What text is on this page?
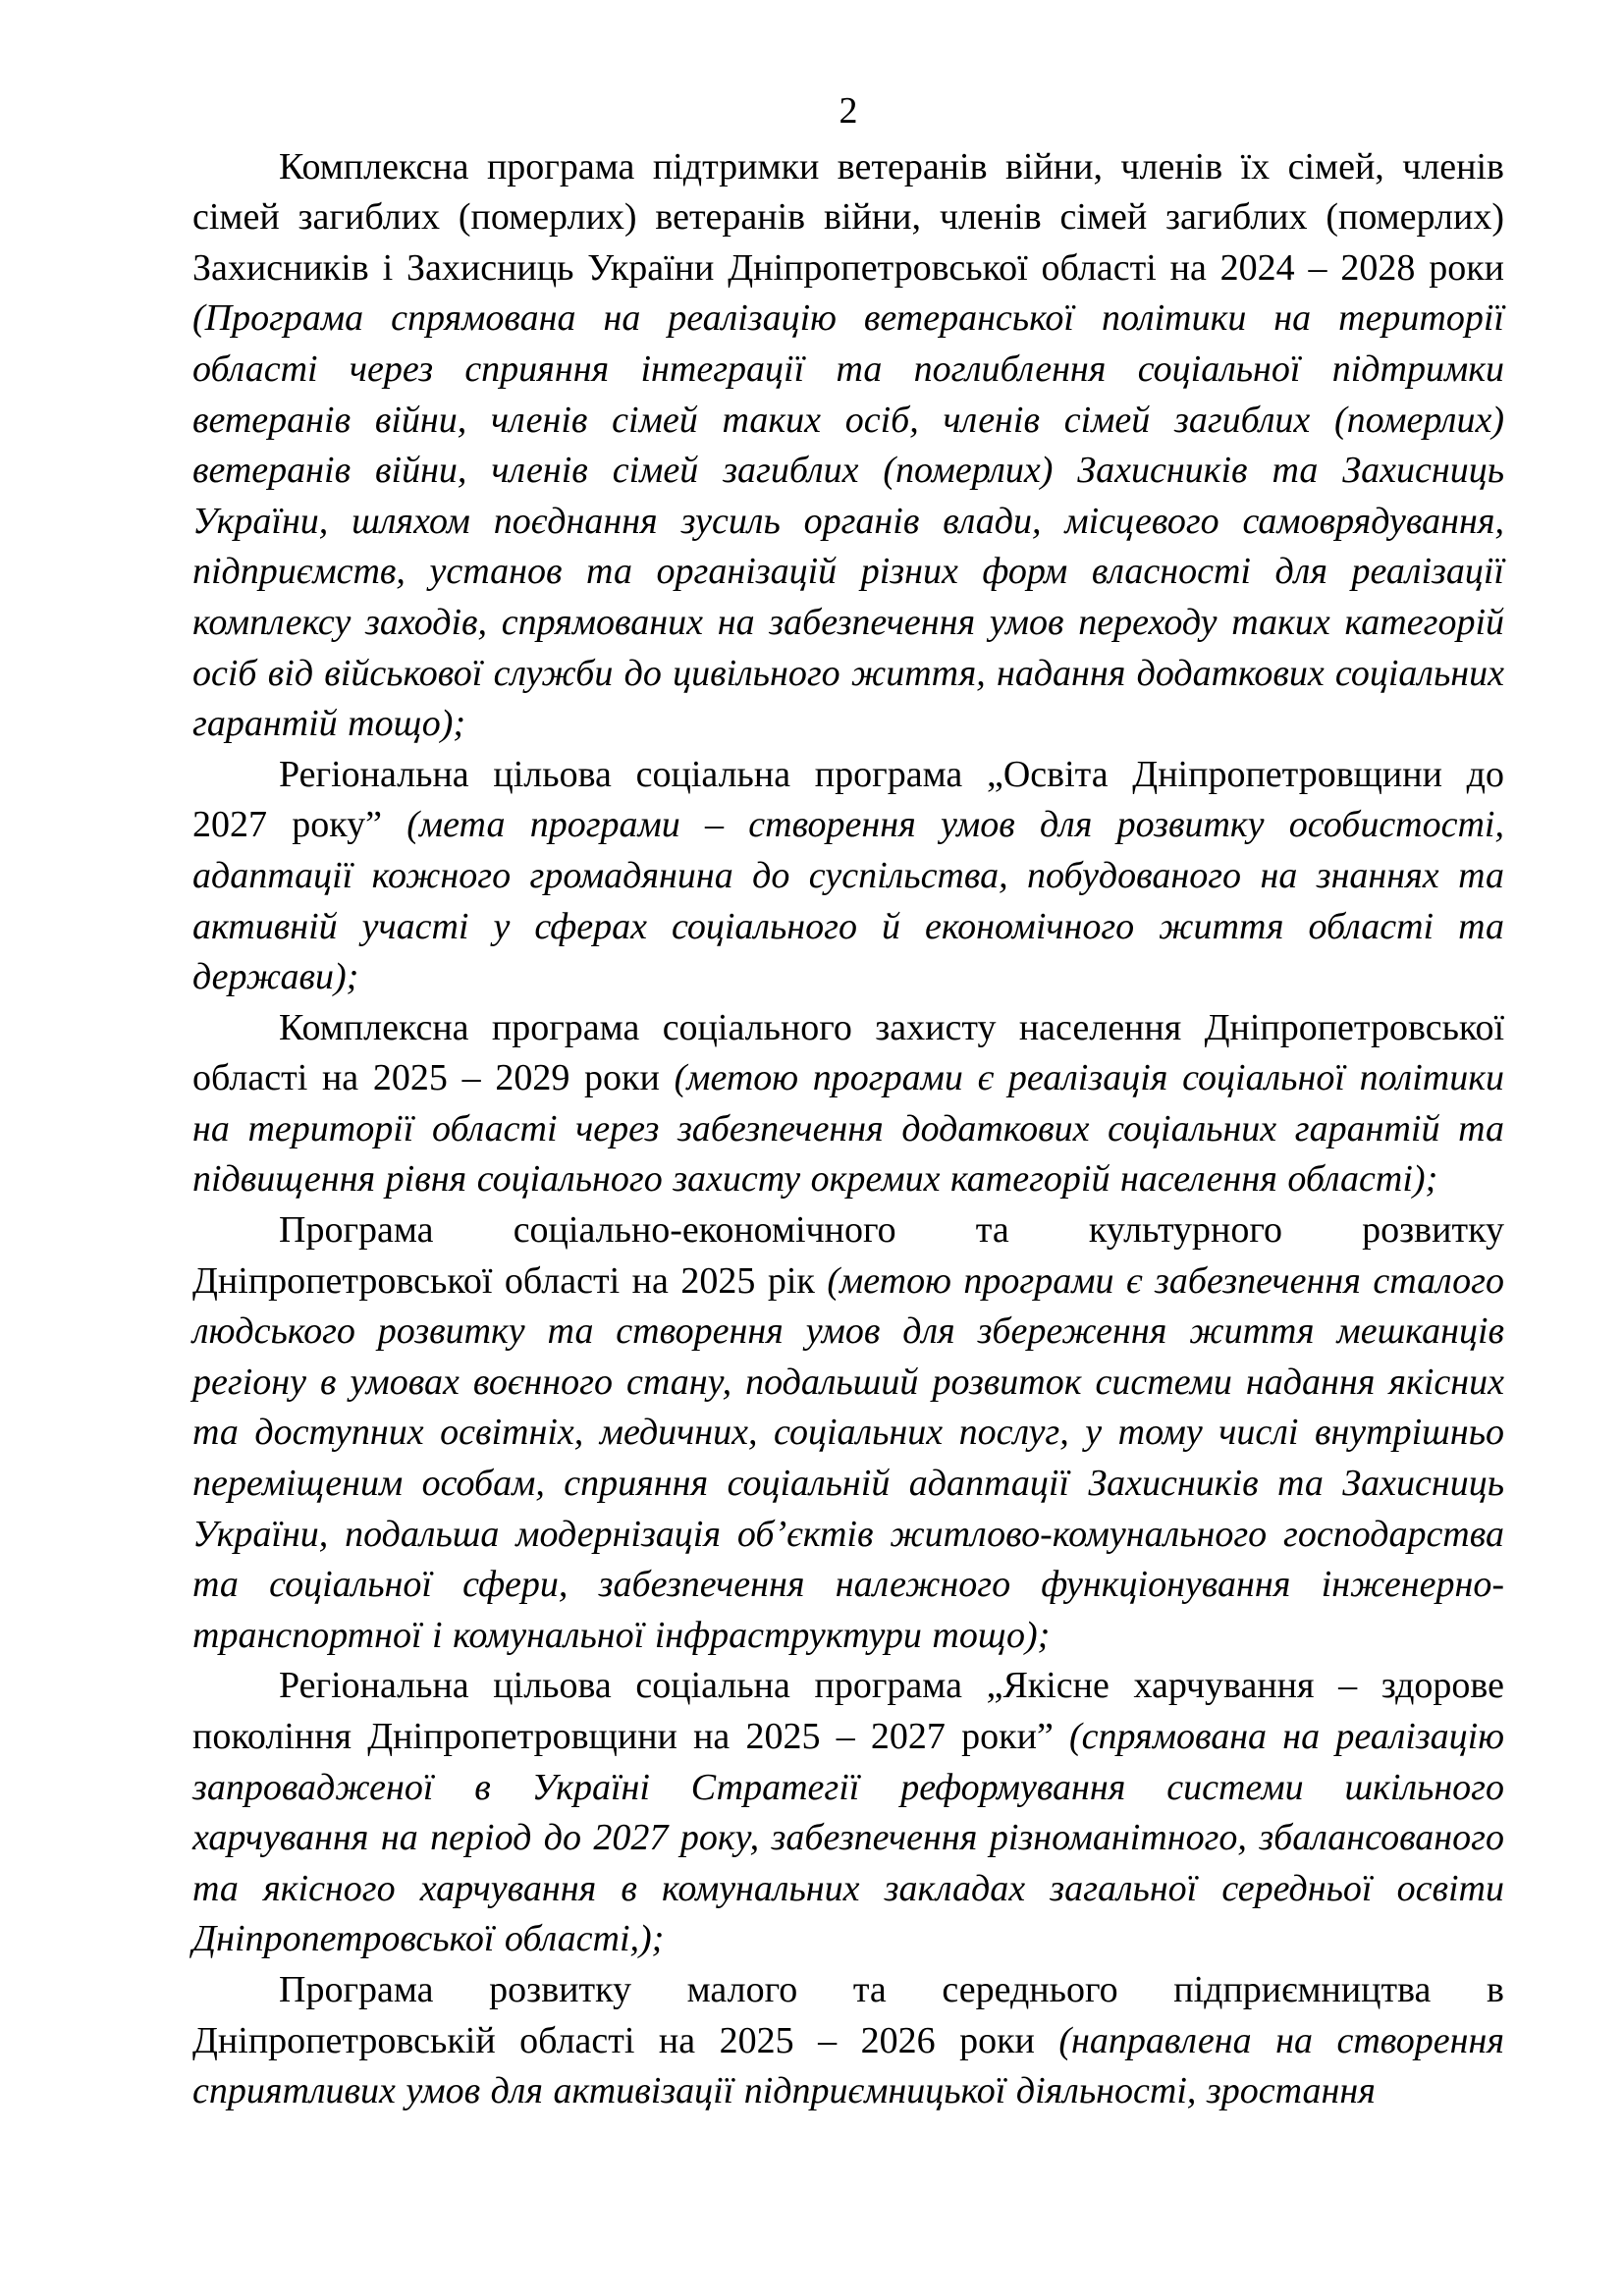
2

Комплексна програма підтримки ветеранів війни, членів їх сімей, членів сімей загиблих (померлих) ветеранів війни, членів сімей загиблих (померлих) Захисників і Захисниць України Дніпропетровської області на 2024 – 2028 роки (Програма спрямована на реалізацію ветеранської політики на території області через сприяння інтеграції та поглиблення соціальної підтримки ветеранів війни, членів сімей таких осіб, членів сімей загиблих (померлих) ветеранів війни, членів сімей загиблих (померлих) Захисників та Захисниць України, шляхом поєднання зусиль органів влади, місцевого самоврядування, підприємств, установ та організацій різних форм власності для реалізації комплексу заходів, спрямованих на забезпечення умов переходу таких категорій осіб від військової служби до цивільного життя, надання додаткових соціальних гарантій тощо);

Регіональна цільова соціальна програма „Освіта Дніпропетровщини до 2027 року” (мета програми – створення умов для розвитку особистості, адаптації кожного громадянина до суспільства, побудованого на знаннях та активній участі у сферах соціального й економічного життя області та держави);

Комплексна програма соціального захисту населення Дніпропетровської області на 2025 – 2029 роки (метою програми є реалізація соціальної політики на території області через забезпечення додаткових соціальних гарантій та підвищення рівня соціального захисту окремих категорій населення області);

Програма соціально-економічного та культурного розвитку Дніпропетровської області на 2025 рік (метою програми є забезпечення сталого людського розвитку та створення умов для збереження життя мешканців регіону в умовах воєнного стану, подальший розвиток системи надання якісних та доступних освітніх, медичних, соціальних послуг, у тому числі внутрішньо переміщеним особам, сприяння соціальній адаптації Захисників та Захисниць України, подальша модернізація об’єктів житлово-комунального господарства та соціальної сфери, забезпечення належного функціонування інженерно-транспортної і комунальної інфраструктури тощо);

Регіональна цільова соціальна програма „Якісне харчування – здорове покоління Дніпропетровщини на 2025 – 2027 роки” (спрямована на реалізацію запровадженої в Україні Стратегії реформування системи шкільного харчування на період до 2027 року, забезпечення різноманітного, збалансованого та якісного харчування в комунальних закладах загальної середньої освіти Дніпропетровської області,);

Програма розвитку малого та середнього підприємництва в Дніпропетровській області на 2025 – 2026 роки (направлена на створення сприятливих умов для активізації підприємницької діяльності, зростання
